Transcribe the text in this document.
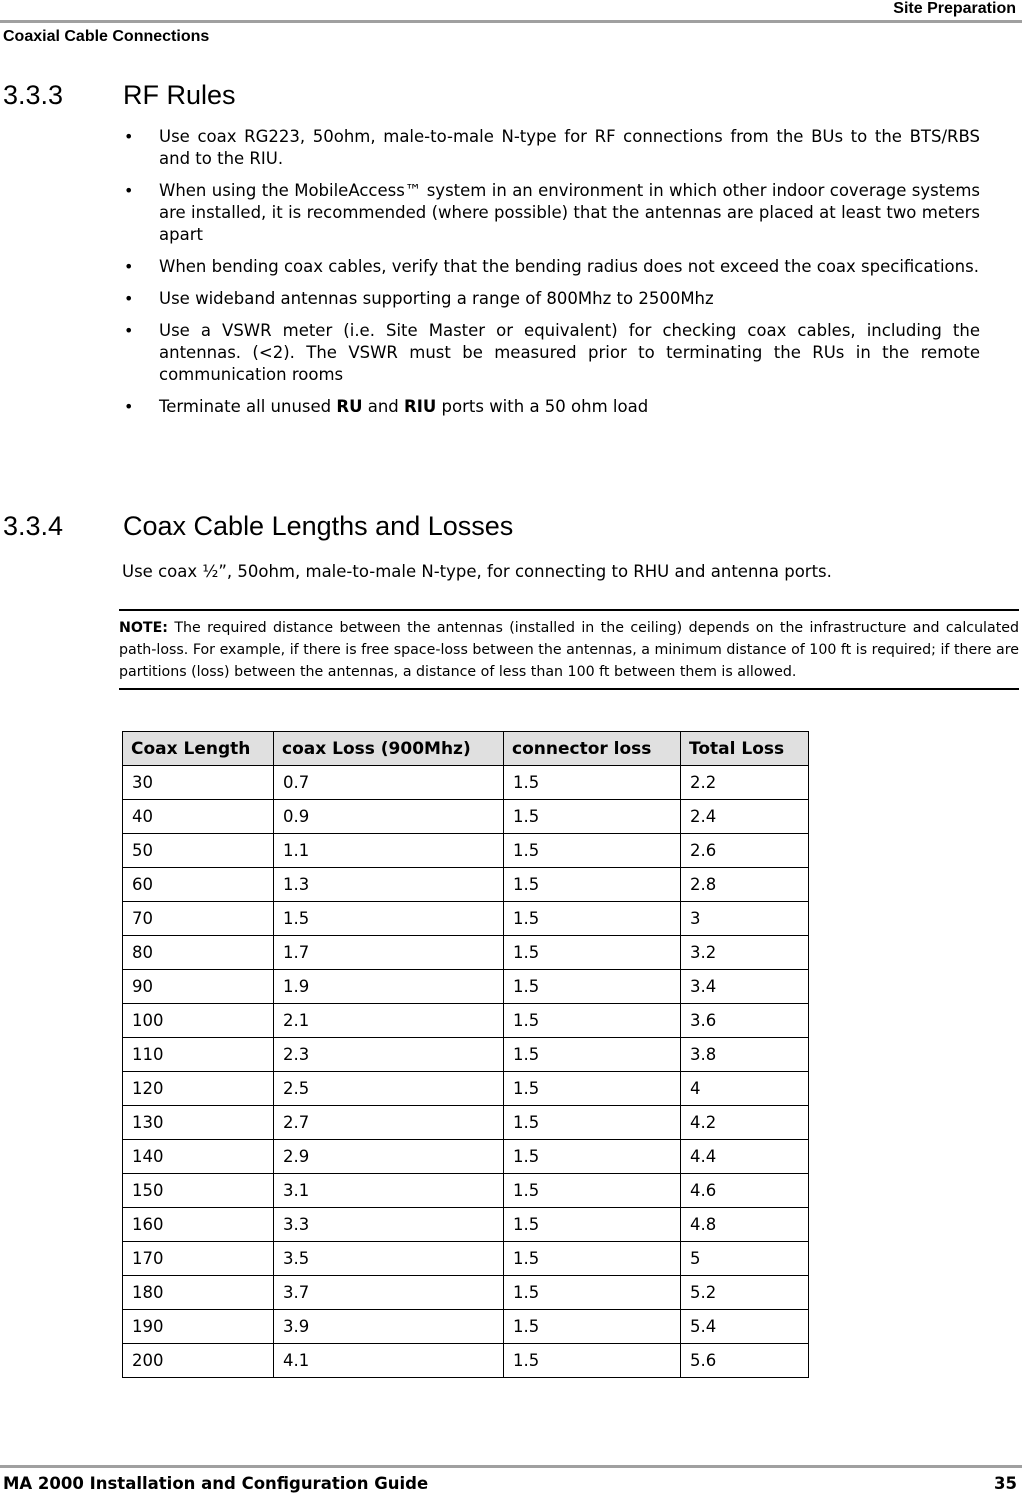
Site Preparation
Coaxial Cable Connections
3.3.3 RF Rules
• Use coax RG223, 50ohm, male-to-male N-type for RF connections from the BUs to the BTS/RBS and to the RIU.
• When using the MobileAccess™ system in an environment in which other indoor coverage systems are installed, it is recommended (where possible) that the antennas are placed at least two meters apart
• When bending coax cables, verify that the bending radius does not exceed the coax specifications.
• Use wideband antennas supporting a range of 800Mhz to 2500Mhz
• Use a VSWR meter (i.e. Site Master or equivalent) for checking coax cables, including the antennas. (<2). The VSWR must be measured prior to terminating the RUs in the remote communication rooms
• Terminate all unused RU and RIU ports with a 50 ohm load
3.3.4 Coax Cable Lengths and Losses
Use coax ½”, 50ohm, male-to-male N-type, for connecting to RHU and antenna ports.
NOTE: The required distance between the antennas (installed in the ceiling) depends on the infrastructure and calculated path-loss. For example, if there is free space-loss between the antennas, a minimum distance of 100 ft is required; if there are partitions (loss) between the antennas, a distance of less than 100 ft between them is allowed.
Coax Length	coax Loss (900Mhz)	connector loss	Total Loss
30	0.7	1.5	2.2
40	0.9	1.5	2.4
50	1.1	1.5	2.6
60	1.3	1.5	2.8
70	1.5	1.5	3
80	1.7	1.5	3.2
90	1.9	1.5	3.4
100	2.1	1.5	3.6
110	2.3	1.5	3.8
120	2.5	1.5	4
130	2.7	1.5	4.2
140	2.9	1.5	4.4
150	3.1	1.5	4.6
160	3.3	1.5	4.8
170	3.5	1.5	5
180	3.7	1.5	5.2
190	3.9	1.5	5.4
200	4.1	1.5	5.6
MA 2000 Installation and Configuration Guide	35
